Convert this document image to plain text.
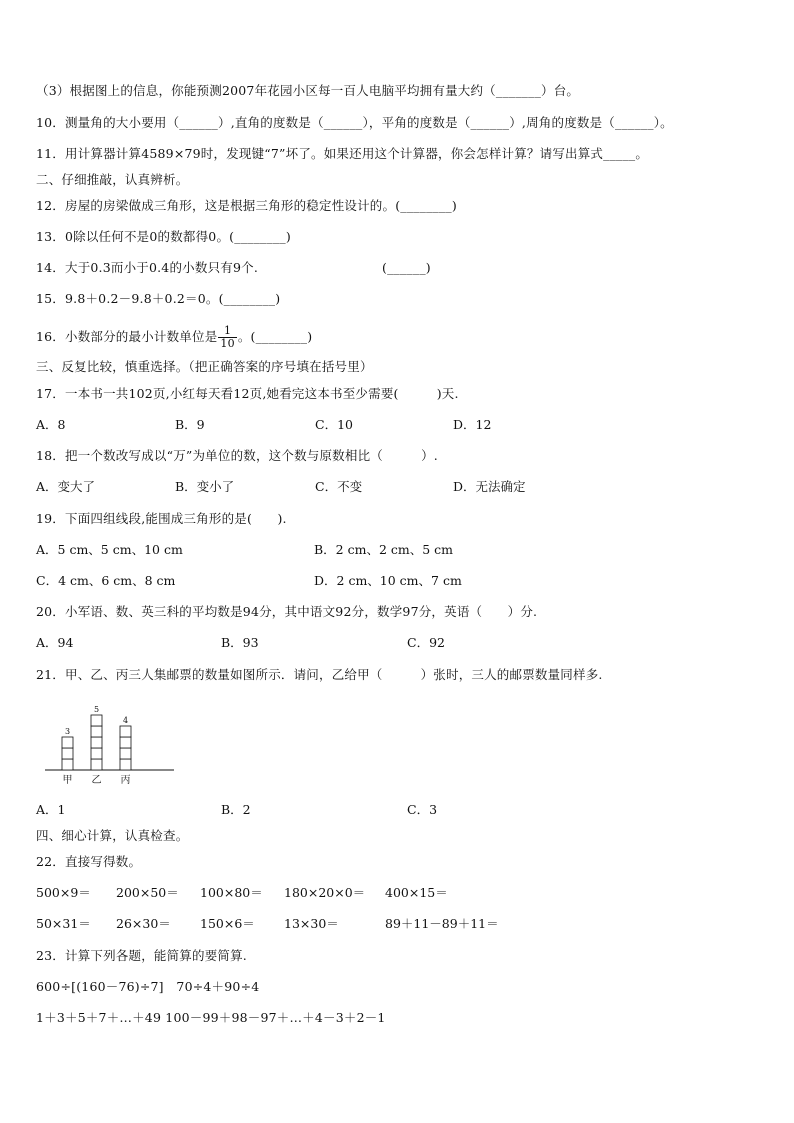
（3）根据图上的信息，你能预测2007年花园小区每一百人电脑平均拥有量大约（_______）台。
10．测量角的大小要用（______）,直角的度数是（______），平角的度数是（______）,周角的度数是（______）。
11．用计算器计算4589×79时，发现键“7”坏了。如果还用这个计算器，你会怎样计算？请写出算式_____。
二、仔细推敲，认真辨析。
12．房屋的房梁做成三角形，这是根据三角形的稳定性设计的。(________)
13．0除以任何不是0的数都得0。(________)
14．大于0.3而小于0.4的小数只有9个.	(______)
15．9.8＋0.2－9.8＋0.2＝0。(________)
16．小数部分的最小计数单位是 $\frac{1}{10}$ 。(________)
三、反复比较，慎重选择。（把正确答案的序号填在括号里）
17．一本书一共102页,小红每天看12页,她看完这本书至少需要(　　　)天.
A．8	B．9	C．10	D．12
18．把一个数改写成以“万”为单位的数，这个数与原数相比（　　　）.
A．变大了	B．变小了	C．不变	D．无法确定
19．下面四组线段,能围成三角形的是(　　).
A．5 cm、5 cm、10 cm	B．2 cm、2 cm、5 cm
C．4 cm、6 cm、8 cm	D．2 cm、10 cm、7 cm
20．小军语、数、英三科的平均数是94分，其中语文92分，数学97分，英语（　　）分.
A．94	B．93	C．92
21．甲、乙、丙三人集邮票的数量如图所示．请问，乙给甲（　　　）张时，三人的邮票数量同样多.
3
甲
5
乙
4
丙
A．1	B．2	C．3
四、细心计算，认真检查。
22．直接写得数。
500×9＝ 200×50＝ 100×80＝ 180×20×0＝ 400×15＝
50×31＝ 26×30＝ 150×6＝ 13×30＝	89＋11－89＋11＝
23．计算下列各题，能简算的要简算.
600÷[(160－76)÷7]　70÷4＋90÷4
1＋3＋5＋7＋…＋49 100－99＋98－97＋…＋4－3＋2－1
